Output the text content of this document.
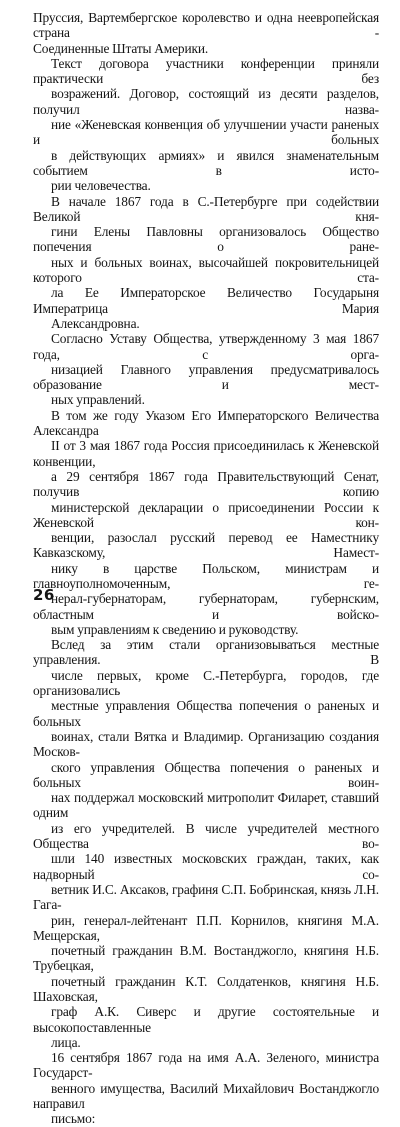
Пруссия, Вартембергское королевство и одна неевропейская страна -
Соединенные Штаты Америки.

Текст договора участники конференции приняли практически без
возражений. Договор, состоящий из десяти разделов, получил назва-
ние «Женевская конвенция об улучшении участи раненых и больных
в действующих армиях» и явился знаменательным событием в исто-
рии человечества.

В начале 1867 года в С.-Петербурге при содействии Великой кня-
гини Елены Павловны организовалось Общество попечения о ране-
ных и больных воинах, высочайшей покровительницей которого ста-
ла Ее Императорское Величество Государыня Императрица Мария
Александровна.

Согласно Уставу Общества, утвержденному 3 мая 1867 года, с орга-
низацией Главного управления предусматривалось образование и мест-
ных управлений.

В том же году Указом Его Императорского Величества Александра
II от 3 мая 1867 года Россия присоединилась к Женевской конвенции,
а 29 сентября 1867 года Правительствующий Сенат, получив копию
министерской декларации о присоединении России к Женевской кон-
венции, разослал русский перевод ее Наместнику Кавказскому, Намест-
нику в царстве Польском, министрам и главноуполномоченным, ге-
нерал-губернаторам, губернаторам, губернским, областным и войско-
вым управлениям к сведению и руководству.

Вслед за этим стали организовываться местные управления. В
числе первых, кроме С.-Петербурга, городов, где организовались
местные управления Общества попечения о раненых и больных
воинах, стали Вятка и Владимир. Организацию создания Москов-
ского управления Общества попечения о раненых и больных воин-
нах поддержал московский митрополит Филарет, ставший одним
из его учредителей. В числе учредителей местного Общества во-
шли 140 известных московских граждан, таких, как надворный со-
ветник И.С. Аксаков, графиня С.П. Бобринская, князь Л.Н. Гага-
рин, генерал-лейтенант П.П. Корнилов, княгиня М.А. Мещерская,
почетный гражданин В.М. Востанджогло, княгиня Н.Б. Трубецкая,
почетный гражданин К.Т. Солдатенков, княгиня Н.Б. Шаховская,
граф А.К. Сиверс и другие состоятельные и высокопоставленные
лица.

16 сентября 1867 года на имя А.А. Зеленого, министра Государст-
венного имущества, Василий Михайлович Востанджогло направил
письмо:

26
